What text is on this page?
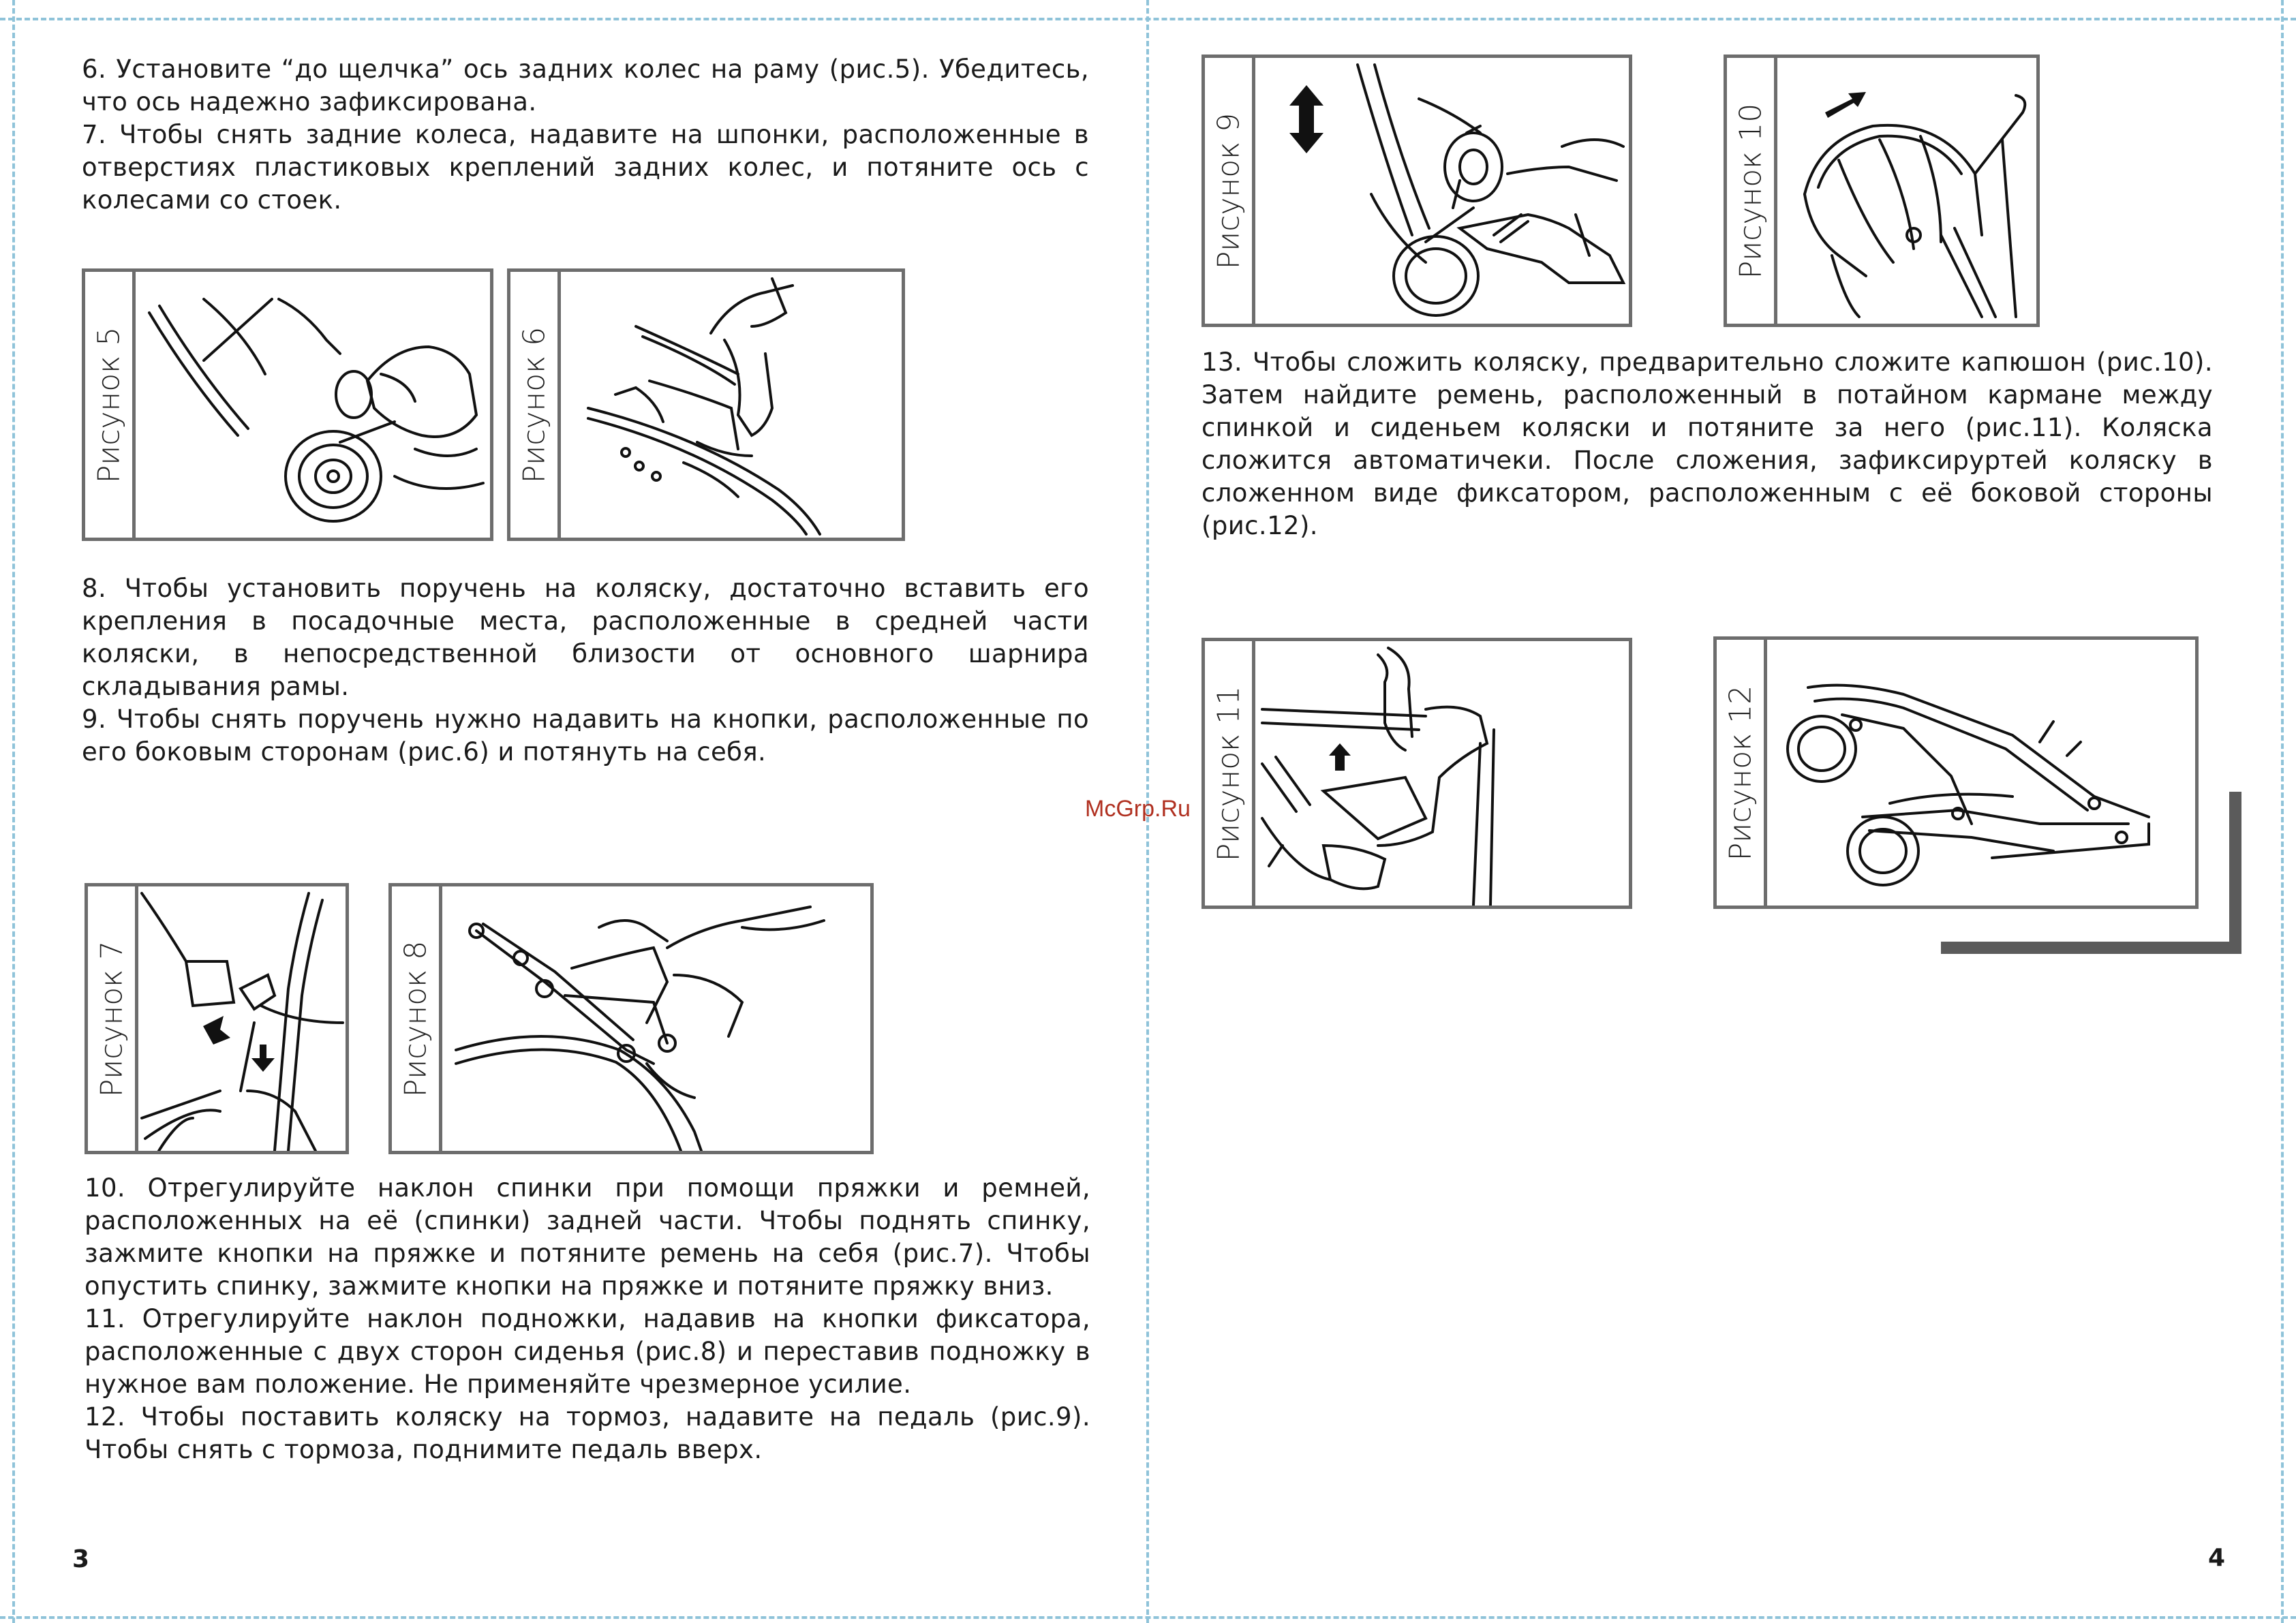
6. Установите “до щелчка” ось задних колес на раму (рис.5). Убедитесь, что ось надежно зафиксирована.
7. Чтобы снять задние колеса, надавите на шпонки, расположенные в отверстиях пластиковых креплений задних колес, и потяните ось с колесами со стоек.
Рисунок 5	Рисунок 6
8. Чтобы установить поручень на коляску, достаточно вставить его крепления в посадочные места, расположенные в средней части коляски, в непосредственной близости от основного шарнира складывания рамы.
9. Чтобы снять поручень нужно надавить на кнопки, расположенные по его боковым сторонам (рис.6) и потянуть на себя.
Рисунок 7	Рисунок 8
10. Отрегулируйте наклон спинки при помощи пряжки и ремней, расположенных на её (спинки) задней части. Чтобы поднять спинку, зажмите кнопки на пряжке и потяните ремень на себя (рис.7). Чтобы опустить спинку, зажмите кнопки на пряжке и потяните пряжку вниз.
11. Отрегулируйте наклон подножки, надавив на кнопки фиксатора, расположенные с двух сторон сиденья (рис.8) и переставив подножку в нужное вам положение. Не применяйте чрезмерное усилие.
12. Чтобы поставить коляску на тормоз, надавите на педаль (рис.9). Чтобы снять с тормоза, поднимите педаль вверх.
3
McGrp.Ru
Рисунок 9	Рисунок 10
13. Чтобы сложить коляску, предварительно сложите капюшон (рис.10). Затем найдите ремень, расположенный в потайном кармане между спинкой и сиденьем коляски и потяните за него (рис.11). Коляска сложится автоматичеки. После сложения, зафиксируртей коляску в сложенном виде фиксатором, расположенным с её боковой стороны (рис.12).
Рисунок 11	Рисунок 12
4
